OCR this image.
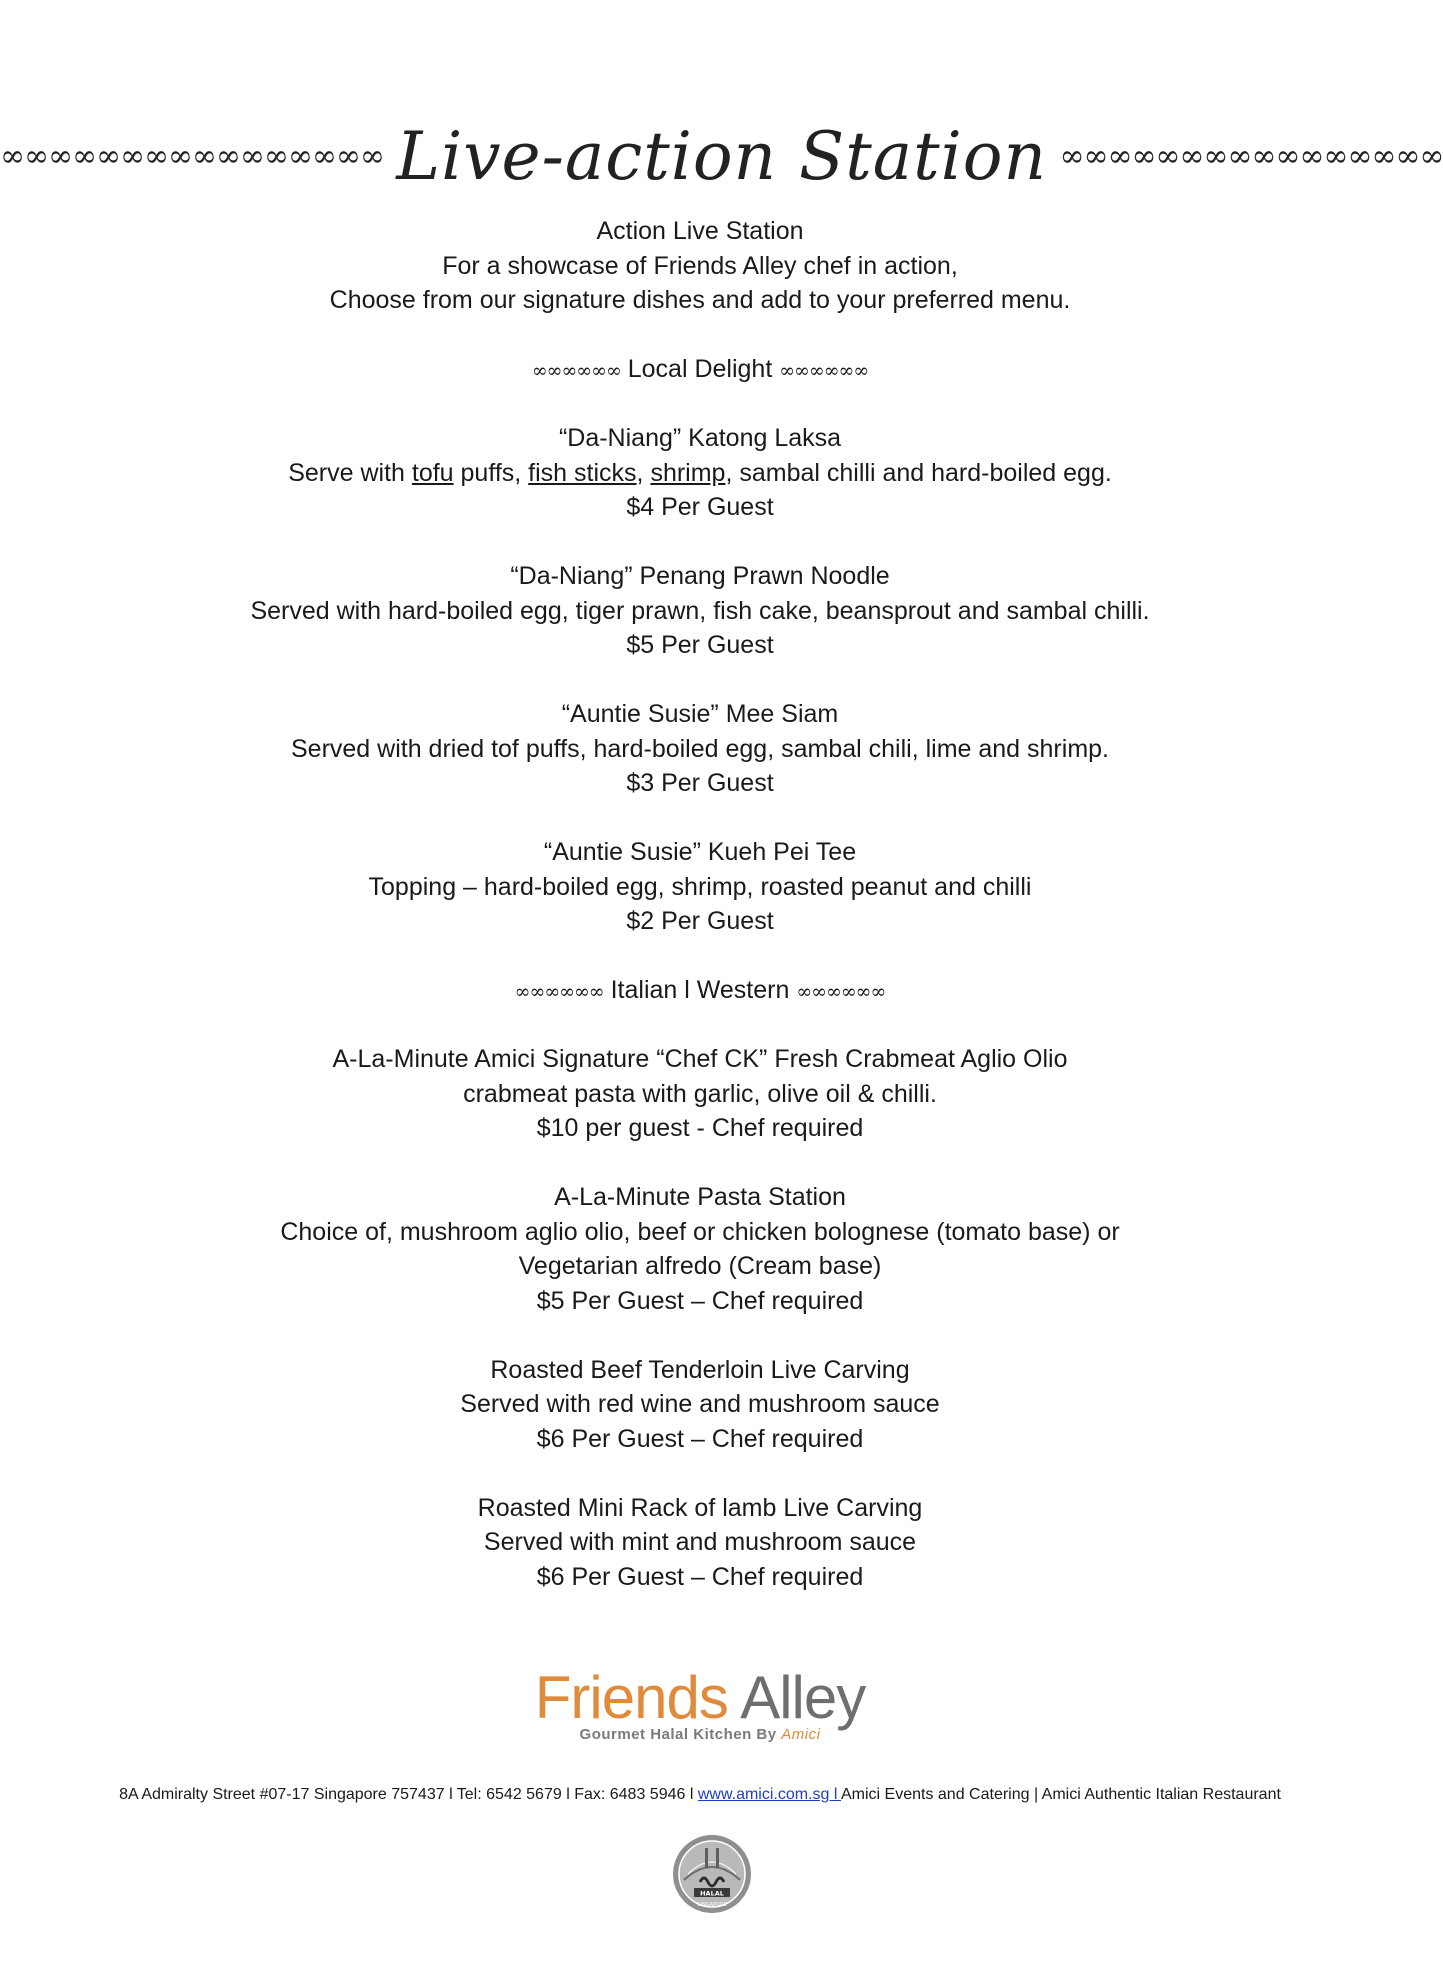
∞∞∞∞∞∞∞∞∞∞∞∞∞∞∞∞ Live-action Station ∞∞∞∞∞∞∞∞∞∞∞∞∞∞∞∞
Action Live Station
For a showcase of Friends Alley chef in action,
Choose from our signature dishes and add to your preferred menu.
∞∞∞∞∞∞ Local Delight ∞∞∞∞∞∞
“Da-Niang” Katong Laksa
Serve with tofu puffs, fish sticks, shrimp, sambal chilli and hard-boiled egg.
$4 Per Guest
“Da-Niang” Penang Prawn Noodle
Served with hard-boiled egg, tiger prawn, fish cake, beansprout and sambal chilli.
$5 Per Guest
“Auntie Susie” Mee Siam
Served with dried tof puffs, hard-boiled egg, sambal chili, lime and shrimp.
$3 Per Guest
“Auntie Susie” Kueh Pei Tee
Topping – hard-boiled egg, shrimp, roasted peanut and chilli
$2 Per Guest
∞∞∞∞∞∞ Italian l Western ∞∞∞∞∞∞
A-La-Minute Amici Signature “Chef CK” Fresh Crabmeat Aglio Olio
crabmeat pasta with garlic, olive oil & chilli.
$10 per guest - Chef required
A-La-Minute Pasta Station
Choice of, mushroom aglio olio, beef or chicken bolognese (tomato base) or
Vegetarian alfredo (Cream base)
$5 Per Guest – Chef required
Roasted Beef Tenderloin Live Carving
Served with red wine and mushroom sauce
$6 Per Guest – Chef required
Roasted Mini Rack of lamb Live Carving
Served with mint and mushroom sauce
$6 Per Guest – Chef required
Friends Alley
Gourmet Halal Kitchen By Amici
8A Admiralty Street #07-17 Singapore 757437 l Tel: 6542 5679 l Fax: 6483 5946 l www.amici.com.sg l Amici Events and Catering | Amici Authentic Italian Restaurant
HALAL
SINGAPORE
